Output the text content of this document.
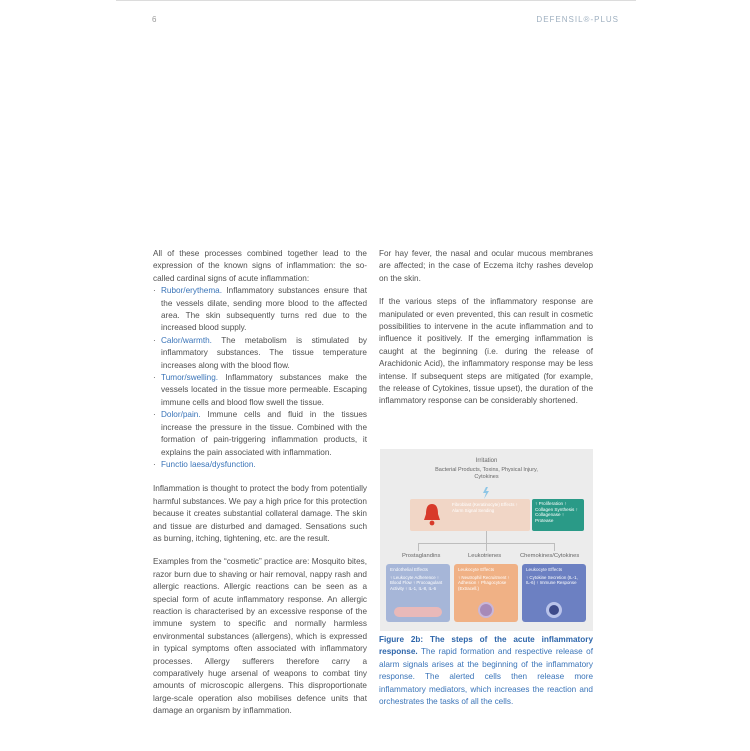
6	DEFENSIL®-PLUS

All of these processes combined together lead to the expression of the known signs of inflammation: the so-called cardinal signs of acute inflammation:

· Rubor/erythema. Inflammatory substances ensure that the vessels dilate, sending more blood to the affected area. The skin subsequently turns red due to the increased blood supply.
· Calor/warmth. The metabolism is stimulated by inflammatory substances. The tissue temperature increases along with the blood flow.
· Tumor/swelling. Inflammatory substances make the vessels located in the tissue more permeable. Escaping immune cells and blood flow swell the tissue.
· Dolor/pain. Immune cells and fluid in the tissues increase the pressure in the tissue. Combined with the formation of pain-triggering inflammation products, it explains the pain associated with inflammation.
· Functio laesa/dysfunction.

Inflammation is thought to protect the body from potentially harmful substances. We pay a high price for this protection because it creates substantial collateral damage. The skin and tissue are disturbed and damaged. Sensations such as burning, itching, tightening, etc. are the result.

Examples from the “cosmetic” practice are: Mosquito bites, razor burn due to shaving or hair removal, nappy rash and allergic reactions. Allergic reactions can be seen as a special form of acute inflammatory response. An allergic reaction is characterised by an excessive response of the immune system to specific and normally harmless environmental substances (allergens), which is expressed in typical symptoms often associated with inflammatory processes. Allergy sufferers therefore carry a comparatively huge arsenal of weapons to combat tiny amounts of microscopic allergens. This disproportionate large-scale operation also mobilises defence units that damage an organism by inflammation.

For hay fever, the nasal and ocular mucous membranes are affected; in the case of Eczema itchy rashes develop on the skin.

If the various steps of the inflammatory response are manipulated or even prevented, this can result in cosmetic possibilities to intervene in the acute inflammation and to influence it positively. If the emerging inflammation is caught at the beginning (i.e. during the release of Arachidonic Acid), the inflammatory response may be less intense. If subsequent steps are mitigated (for example, the release of Cytokines, tissue upset), the duration of the inflammatory response can be considerably shortened.

Irritation
Bacterial Products, Toxins, Physical Injury, Cytokines
Fibroblast (Keratinocyte) Effects ↑ Alarm Signal Sending
↑ Proliferation ↑ Collagen Synthesis ↑ Collagenase ↑ Protease
Prostaglandins	Leukotrienes	Chemokines/Cytokines
Endothelial Effects
↑ Leukocyte Adherence ↑ Blood Flow ↑ Procoagulant Activity ↑ IL-1, IL-8, IL-6
Leukocyte Effects
↑ Neutrophil Recruitment ↑ Adhesion ↑ Phagocytose (Extracell.)
Leukocyte Effects
↑ Cytokine Secretion (IL-1, IL-6) ↑ Immune Response
Figure 2b: The steps of the acute inflammatory response. The rapid formation and respective release of alarm signals arises at the beginning of the inflammatory response. The alerted cells then release more inflammatory mediators, which increases the reaction and orchestrates the tasks of all the cells.
